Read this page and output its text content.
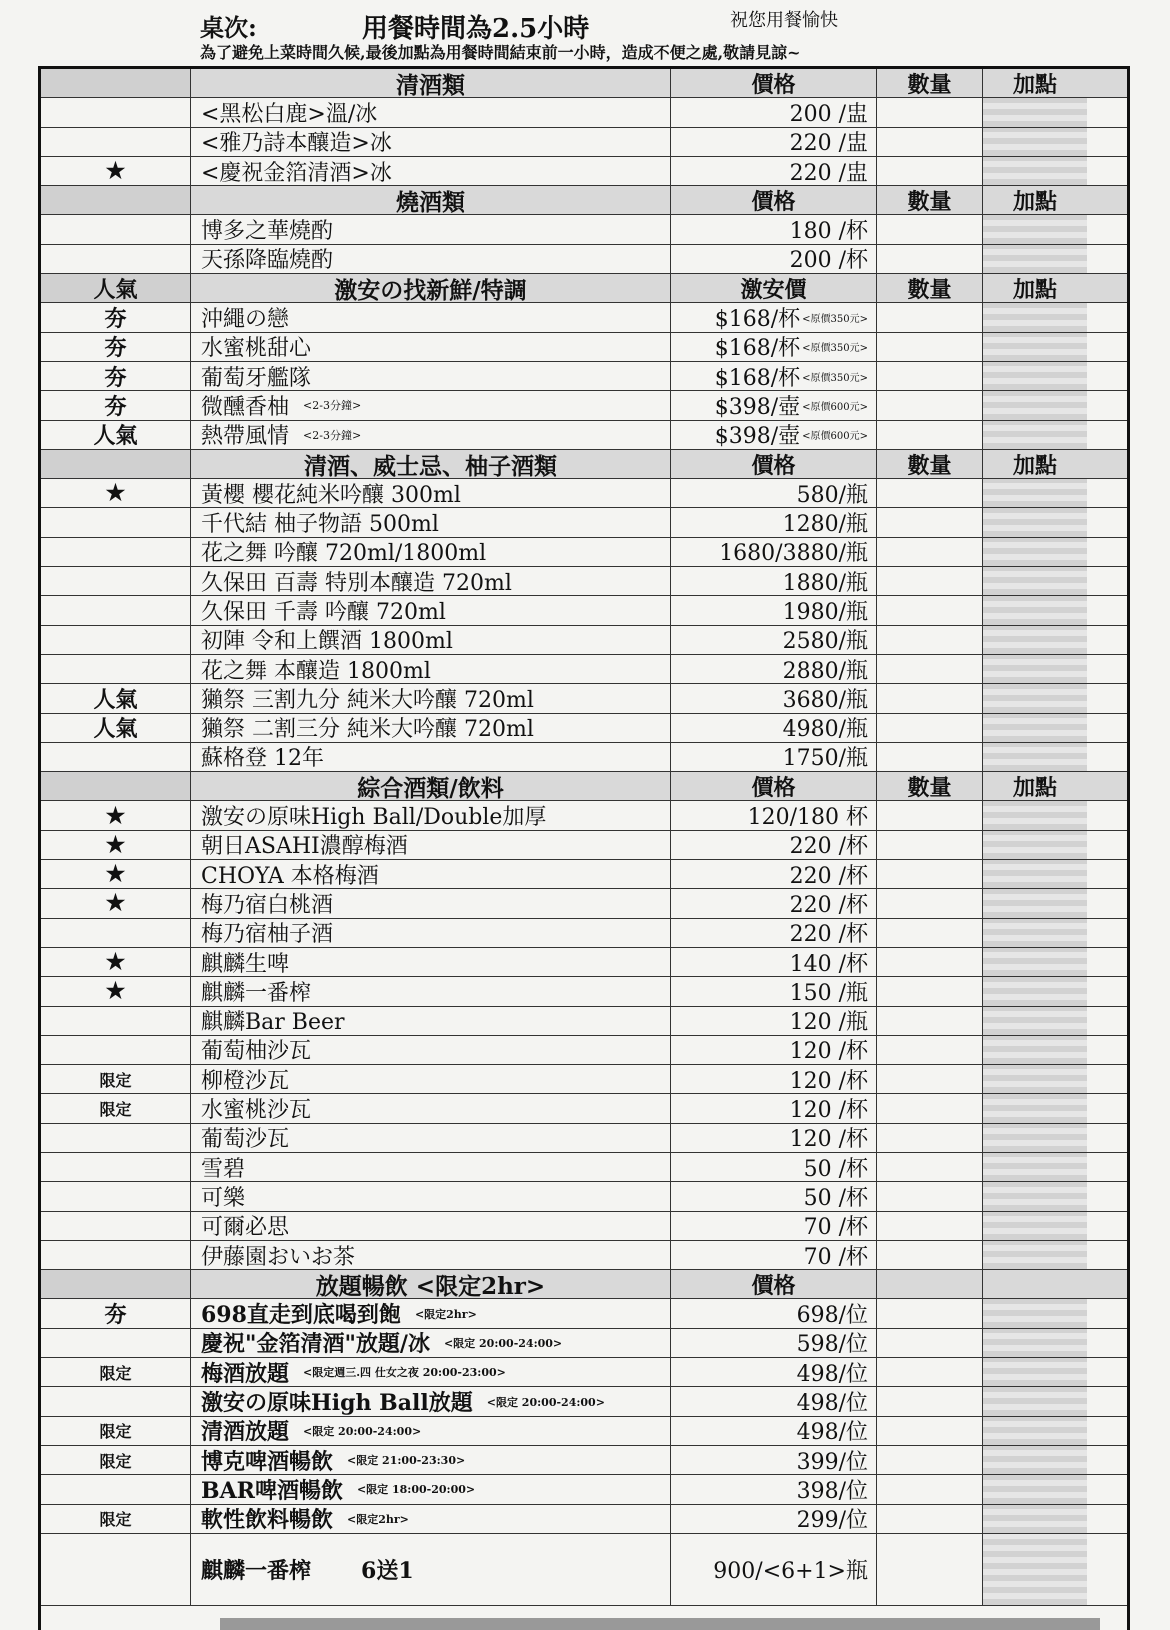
桌次:	用餐時間為2.5小時	祝您用餐愉快
為了避免上菜時間久候,最後加點為用餐時間結束前一小時，造成不便之處,敬請見諒~
清酒類	價格	數量	加點
<黑松白鹿>溫/冰	200 /盅
<雅乃詩本釀造>冰	220 /盅
★	<慶祝金箔清酒>冰	220 /盅
燒酒類	價格	數量	加點
博多之華燒酌	180 /杯
天孫降臨燒酌	200 /杯
人氣	激安の找新鮮/特調	激安價	數量	加點
夯	沖繩の戀	$168/杯 <原價350元>
夯	水蜜桃甜心	$168/杯 <原價350元>
夯	葡萄牙艦隊	$168/杯 <原價350元>
夯	微醺香柚 <2-3分鐘>	$398/壺 <原價600元>
人氣	熱帶風情 <2-3分鐘>	$398/壺 <原價600元>
清酒、威士忌、柚子酒類	價格	數量	加點
★	黃櫻 櫻花純米吟釀 300ml	580/瓶
千代結 柚子物語 500ml	1280/瓶
花之舞 吟釀 720ml/1800ml	1680/3880/瓶
久保田 百壽 特別本釀造 720ml	1880/瓶
久保田 千壽 吟釀 720ml	1980/瓶
初陣 令和上饌酒 1800ml	2580/瓶
花之舞 本釀造 1800ml	2880/瓶
人氣	獺祭 三割九分 純米大吟釀 720ml	3680/瓶
人氣	獺祭 二割三分 純米大吟釀 720ml	4980/瓶
蘇格登 12年	1750/瓶
綜合酒類/飲料	價格	數量	加點
★	激安の原味High Ball/Double加厚	120/180 杯
★	朝日ASAHI濃醇梅酒	220 /杯
★	CHOYA 本格梅酒	220 /杯
★	梅乃宿白桃酒	220 /杯
梅乃宿柚子酒	220 /杯
★	麒麟生啤	140 /杯
★	麒麟一番榨	150 /瓶
麒麟Bar Beer	120 /瓶
葡萄柚沙瓦	120 /杯
限定	柳橙沙瓦	120 /杯
限定	水蜜桃沙瓦	120 /杯
葡萄沙瓦	120 /杯
雪碧	50 /杯
可樂	50 /杯
可爾必思	70 /杯
伊藤園おいお茶	70 /杯
放題暢飲 <限定2hr>	價格
夯	698直走到底喝到飽 <限定2hr>	698/位
慶祝"金箔清酒"放題/冰 <限定 20:00-24:00>	598/位
限定	梅酒放題 <限定週三.四 仕女之夜 20:00-23:00>	498/位
激安の原味High Ball放題 <限定 20:00-24:00>	498/位
限定	清酒放題 <限定 20:00-24:00>	498/位
限定	博克啤酒暢飲 <限定 21:00-23:30>	399/位
BAR啤酒暢飲 <限定 18:00-20:00>	398/位
限定	軟性飲料暢飲 <限定2hr>	299/位
麒麟一番榨 6送1	900/<6+1>瓶
